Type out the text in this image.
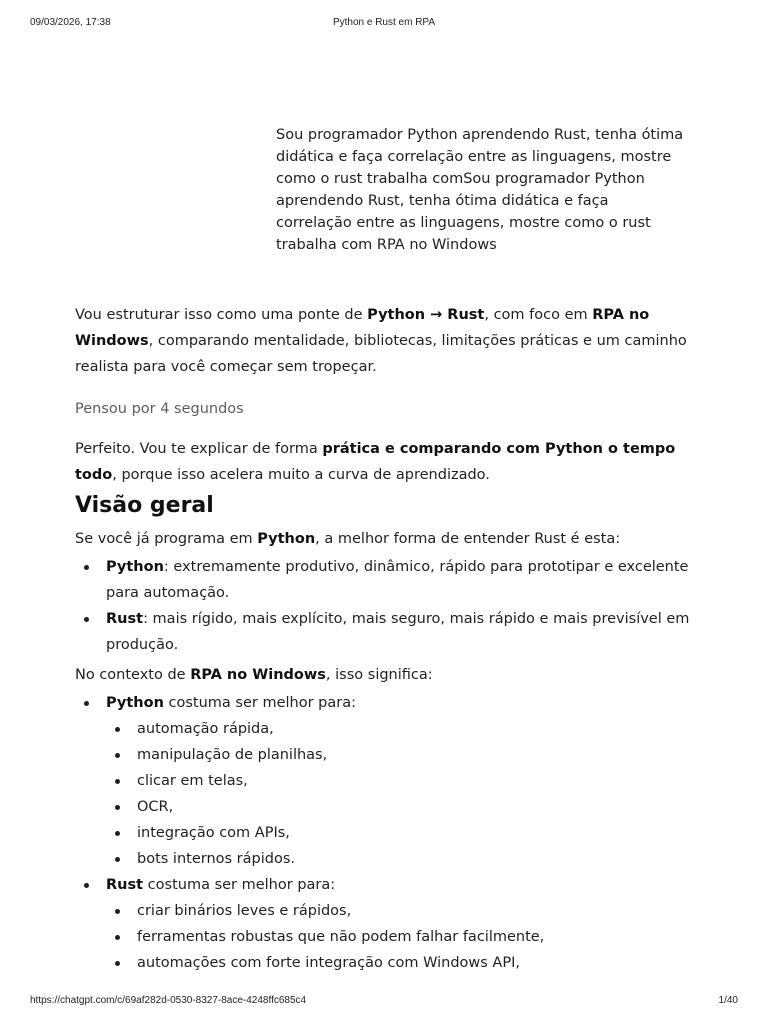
09/03/2026, 17:38	Python e Rust em RPA
Sou programador Python aprendendo Rust, tenha ótima didática e faça correlação entre as linguagens, mostre como o rust trabalha comSou programador Python aprendendo Rust, tenha ótima didática e faça correlação entre as linguagens, mostre como o rust trabalha com RPA no Windows

Vou estruturar isso como uma ponte de Python → Rust, com foco em RPA no Windows, comparando mentalidade, bibliotecas, limitações práticas e um caminho realista para você começar sem tropeçar.

Pensou por 4 segundos

Perfeito. Vou te explicar de forma prática e comparando com Python o tempo todo, porque isso acelera muito a curva de aprendizado.

Visão geral

Se você já programa em Python, a melhor forma de entender Rust é esta:

Python: extremamente produtivo, dinâmico, rápido para prototipar e excelente para automação.
Rust: mais rígido, mais explícito, mais seguro, mais rápido e mais previsível em produção.

No contexto de RPA no Windows, isso significa:

Python costuma ser melhor para:
automação rápida,
manipulação de planilhas,
clicar em telas,
OCR,
integração com APIs,
bots internos rápidos.
Rust costuma ser melhor para:
criar binários leves e rápidos,
ferramentas robustas que não podem falhar facilmente,
automações com forte integração com Windows API,
https://chatgpt.com/c/69af282d-0530-8327-8ace-4248ffc685c4	1/40
